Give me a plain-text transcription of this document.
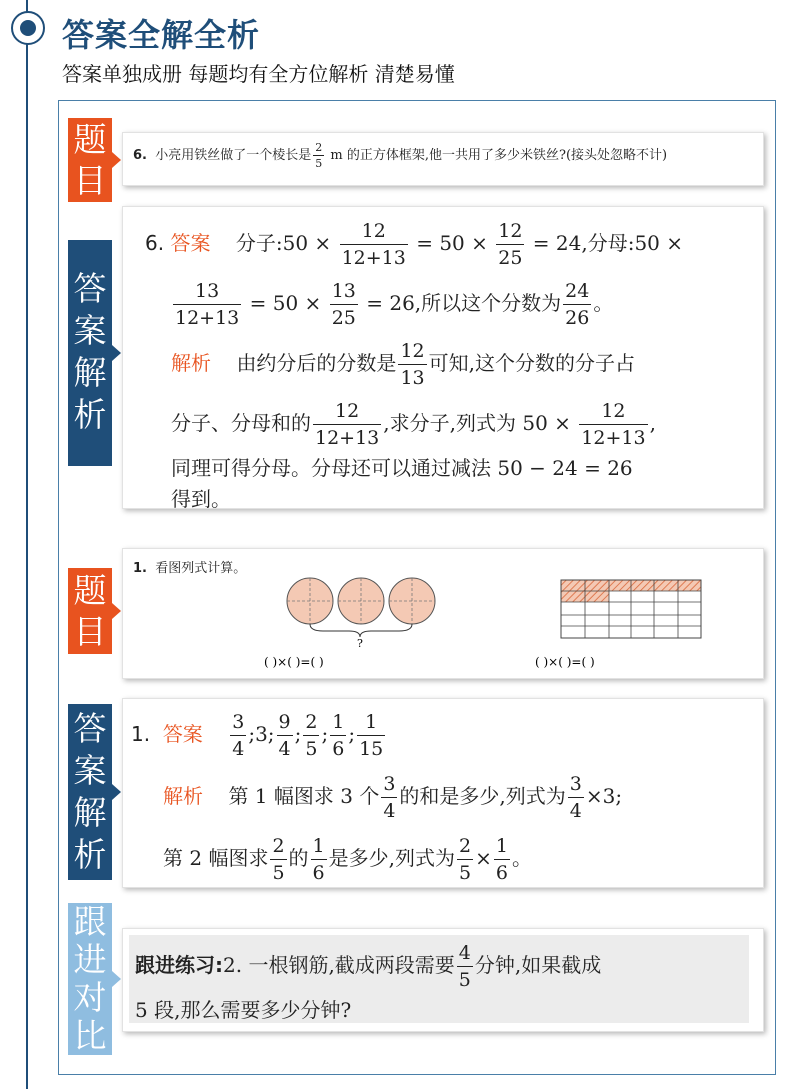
答案全解全析
答案单独成册 每题均有全方位解析 清楚易懂
题目
6. 小亮用铁丝做了一个棱长是 $\frac{2}{5}$ m 的正方体框架,他一共用了多少米铁丝?(接头处忽略不计)
答案解析
6. 答案 分子:50 × $\frac{12}{12+13} = 50 \times \frac{12}{25} = 24$,分母:50 ×
$\frac{13}{12+13} = 50 \times \frac{13}{25} = 26$,所以这个分数为 $\frac{24}{26}$ 。
解析 由约分后的分数是 $\frac{12}{13}$ 可知,这个分数的分子占
分子、分母和的 $\frac{12}{12+13}$ ,求分子,列式为 $50 \times \frac{12}{12+13}$ ,
同理可得分母。分母还可以通过减法 50 − 24 = 26
得到。
题目
1. 看图列式计算。
?
( )×( )=( )	( )×( )=( )
答案解析
1. 答案 $\frac{3}{4}$ ;3; $\frac{9}{4}$ ; $\frac{2}{5}$ ; $\frac{1}{6}$ ; $\frac{1}{15}$
解析 第 1 幅图求 3 个 $\frac{3}{4}$ 的和是多少,列式为 $\frac{3}{4} \times 3$;
第 2 幅图求 $\frac{2}{5}$ 的 $\frac{1}{6}$ 是多少,列式为 $\frac{2}{5} \times \frac{1}{6}$ 。
跟进对比
跟进练习:2. 一根钢筋,截成两段需要 $\frac{4}{5}$ 分钟,如果截成
5 段,那么需要多少分钟?
